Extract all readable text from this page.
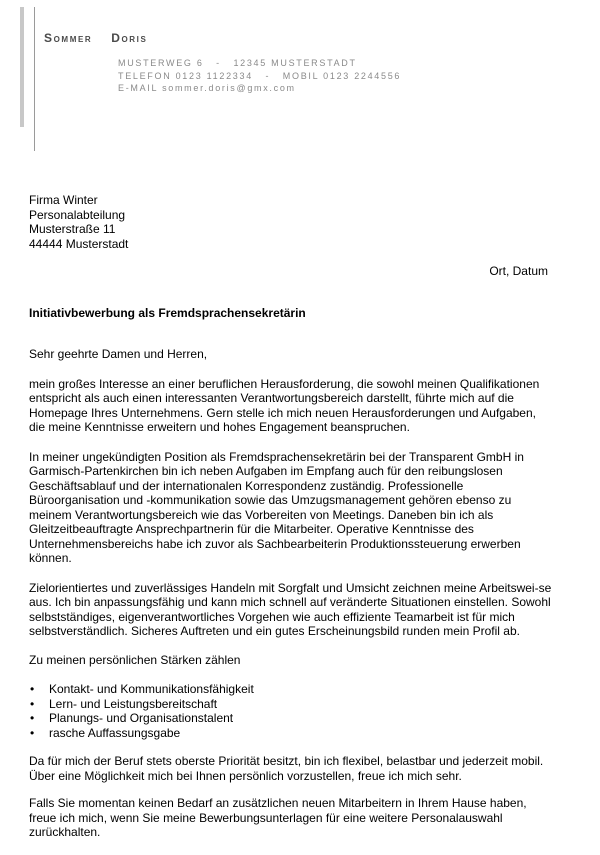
Sommer Doris
MUSTERWEG 6   -   12345 MUSTERSTADT
TELEFON 0123 1122334   -   MOBIL 0123 2244556
E-MAIL sommer.doris@gmx.com
Firma Winter
Personalabteilung
Musterstraße 11
44444 Musterstadt
Ort, Datum
Initiativbewerbung als Fremdsprachensekretärin

Sehr geehrte Damen und Herren,

mein großes Interesse an einer beruflichen Herausforderung, die sowohl meinen Qualifikationen entspricht als auch einen interessanten Verantwortungsbereich darstellt, führte mich auf die Homepage Ihres Unternehmens. Gern stelle ich mich neuen Herausforderungen und Aufgaben, die meine Kenntnisse erweitern und hohes Engagement beanspruchen.

In meiner ungekündigten Position als Fremdsprachensekretärin bei der Transparent GmbH in Garmisch-Partenkirchen bin ich neben Aufgaben im Empfang auch für den reibungslosen Geschäftsablauf und der internationalen Korrespondenz zuständig. Professionelle Büroorganisation und -kommunikation sowie das Umzugsmanagement gehören ebenso zu meinem Verantwortungsbereich wie das Vorbereiten von Meetings. Daneben bin ich als Gleitzeitbeauftragte Ansprechpartnerin für die Mitarbeiter. Operative Kenntnisse des Unternehmensbereichs habe ich zuvor als Sachbearbeiterin Produktionssteuerung erwerben können.

Zielorientiertes und zuverlässiges Handeln mit Sorgfalt und Umsicht zeichnen meine Arbeitswei-se aus. Ich bin anpassungsfähig und kann mich schnell auf veränderte Situationen einstellen. Sowohl selbstständiges, eigenverantwortliches Vorgehen wie auch effiziente Teamarbeit ist für mich selbstverständlich. Sicheres Auftreten und ein gutes Erscheinungsbild runden mein Profil ab.

Zu meinen persönlichen Stärken zählen

• Kontakt- und Kommunikationsfähigkeit
• Lern- und Leistungsbereitschaft
• Planungs- und Organisationstalent
• rasche Auffassungsgabe

Da für mich der Beruf stets oberste Priorität besitzt, bin ich flexibel, belastbar und jederzeit mobil. Über eine Möglichkeit mich bei Ihnen persönlich vorzustellen, freue ich mich sehr.

Falls Sie momentan keinen Bedarf an zusätzlichen neuen Mitarbeitern in Ihrem Hause haben, freue ich mich, wenn Sie meine Bewerbungsunterlagen für eine weitere Personalauswahl zurückhalten.
